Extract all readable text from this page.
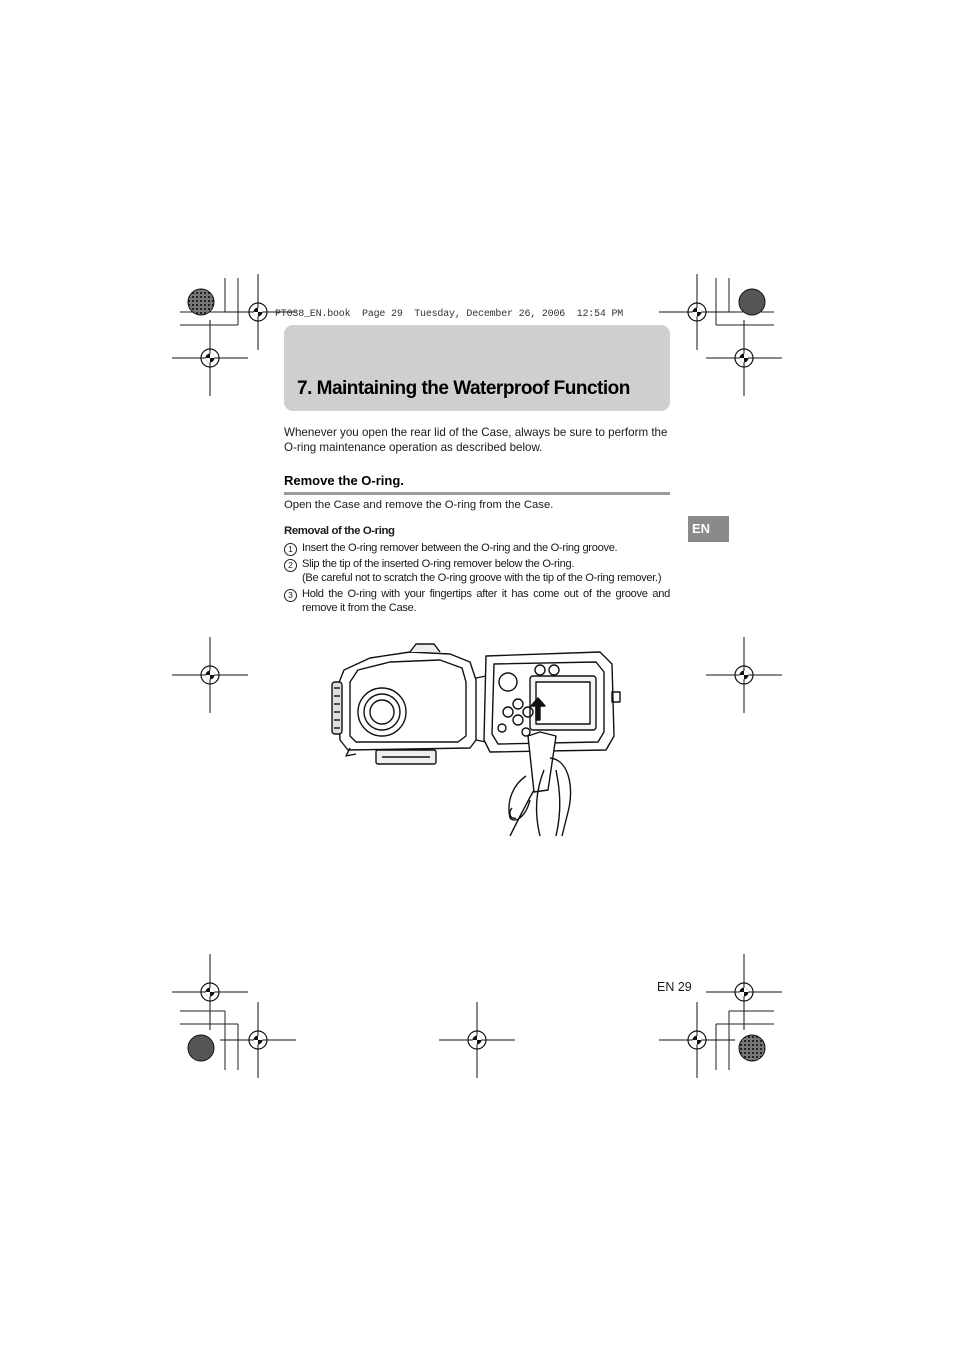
PT038_EN.book  Page 29  Tuesday, December 26, 2006  12:54 PM
7. Maintaining the Waterproof Function
Whenever you open the rear lid of the Case, always be sure to perform the O-ring maintenance operation as described below.
Remove the O-ring.
Open the Case and remove the O-ring from the Case.
Removal of the O-ring
1 Insert the O-ring remover between the O-ring and the O-ring groove.

2 Slip the tip of the inserted O-ring remover below the O-ring.

(Be careful not to scratch the O-ring groove with the tip of the O-ring remover.)

3 Hold the O-ring with your fingertips after it has come out of the groove and remove it from the Case.

EN
EN 29
